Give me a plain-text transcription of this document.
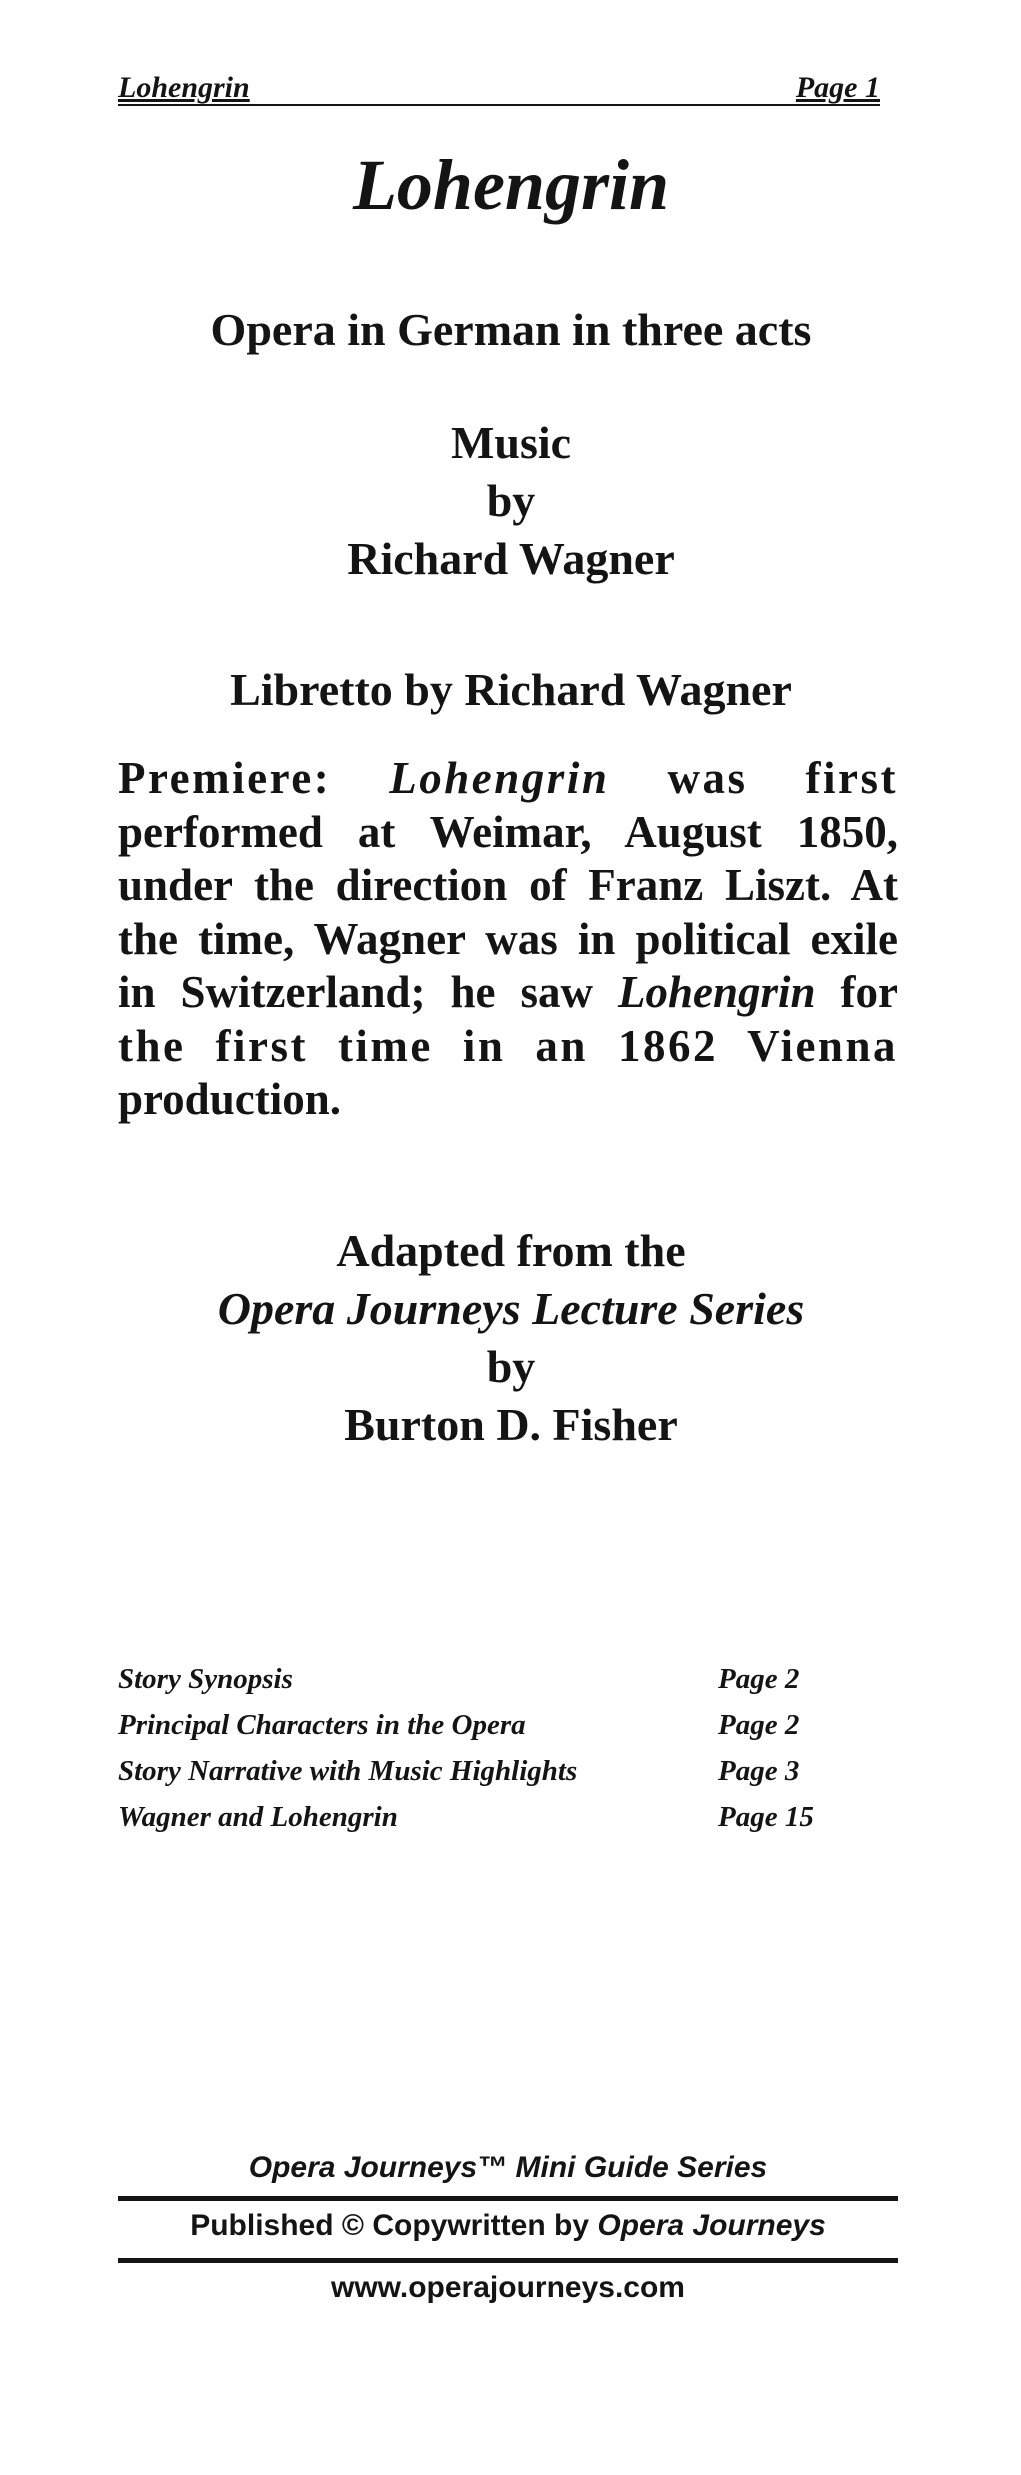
Lohengrin	Page 1
Lohengrin
Opera in German in three acts
Music
by
Richard Wagner
Libretto by Richard Wagner
Premiere: Lohengrin was first
performed at Weimar, August 1850,
under the direction of Franz Liszt. At
the time, Wagner was in political exile
in Switzerland; he saw Lohengrin for
the first time in an 1862 Vienna
production.
Adapted from the
Opera Journeys Lecture Series
by
Burton D. Fisher
Story Synopsis	Page 2
Principal Characters in the Opera	Page 2
Story Narrative with Music Highlights	Page 3
Wagner and Lohengrin	Page 15
Opera Journeys™ Mini Guide Series
Published © Copywritten by Opera Journeys
www.operajourneys.com
